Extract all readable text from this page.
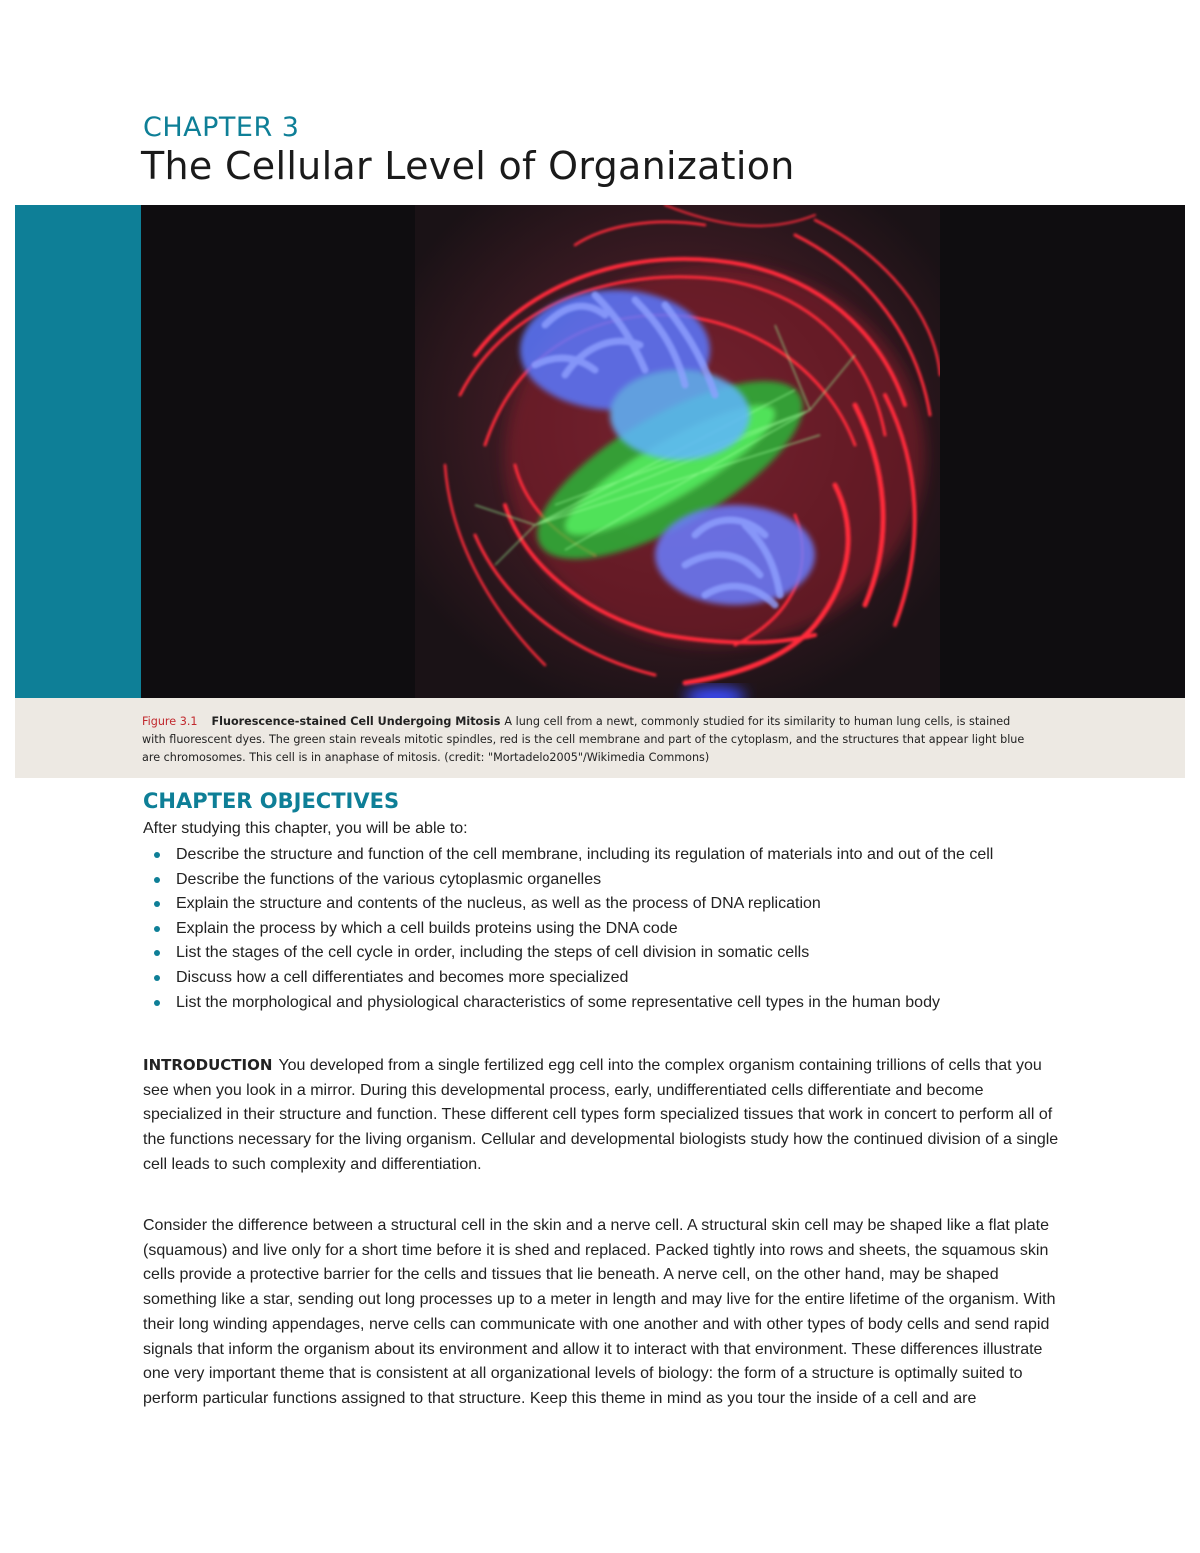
CHAPTER 3
The Cellular Level of Organization
Figure 3.1 Fluorescence-stained Cell Undergoing Mitosis A lung cell from a newt, commonly studied for its similarity to human lung cells, is stained with fluorescent dyes. The green stain reveals mitotic spindles, red is the cell membrane and part of the cytoplasm, and the structures that appear light blue are chromosomes. This cell is in anaphase of mitosis. (credit: "Mortadelo2005"/Wikimedia Commons)
CHAPTER OBJECTIVES

After studying this chapter, you will be able to:

Describe the structure and function of the cell membrane, including its regulation of materials into and out of the cell
Describe the functions of the various cytoplasmic organelles
Explain the structure and contents of the nucleus, as well as the process of DNA replication
Explain the process by which a cell builds proteins using the DNA code
List the stages of the cell cycle in order, including the steps of cell division in somatic cells
Discuss how a cell differentiates and becomes more specialized
List the morphological and physiological characteristics of some representative cell types in the human body

INTRODUCTION You developed from a single fertilized egg cell into the complex organism containing trillions of cells that you see when you look in a mirror. During this developmental process, early, undifferentiated cells differentiate and become specialized in their structure and function. These different cell types form specialized tissues that work in concert to perform all of the functions necessary for the living organism. Cellular and developmental biologists study how the continued division of a single cell leads to such complexity and differentiation.

Consider the difference between a structural cell in the skin and a nerve cell. A structural skin cell may be shaped like a flat plate (squamous) and live only for a short time before it is shed and replaced. Packed tightly into rows and sheets, the squamous skin cells provide a protective barrier for the cells and tissues that lie beneath. A nerve cell, on the other hand, may be shaped something like a star, sending out long processes up to a meter in length and may live for the entire lifetime of the organism. With their long winding appendages, nerve cells can communicate with one another and with other types of body cells and send rapid signals that inform the organism about its environment and allow it to interact with that environment. These differences illustrate one very important theme that is consistent at all organizational levels of biology: the form of a structure is optimally suited to perform particular functions assigned to that structure. Keep this theme in mind as you tour the inside of a cell and are
